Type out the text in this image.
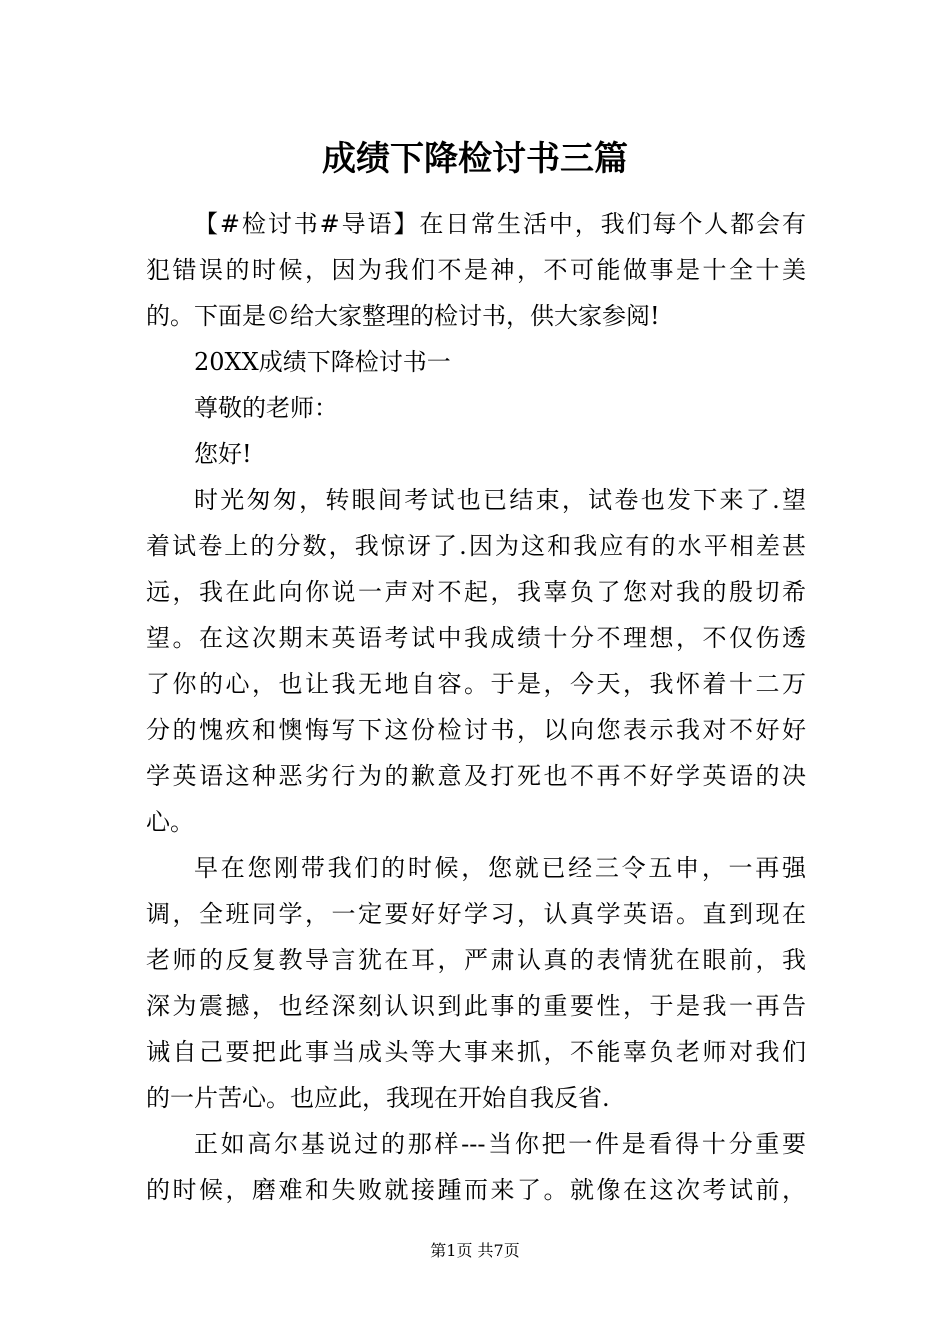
成绩下降检讨书三篇
【#检讨书#导语】在日常生活中，我们每个人都会有
犯错误的时候，因为我们不是神，不可能做事是十全十美
的。下面是©给大家整理的检讨书，供大家参阅!
20XX成绩下降检讨书一
尊敬的老师：
您好!
时光匆匆，转眼间考试也已结束，试卷也发下来了.望
着试卷上的分数，我惊讶了.因为这和我应有的水平相差甚
远，我在此向你说一声对不起，我辜负了您对我的殷切希
望。在这次期末英语考试中我成绩十分不理想，不仅伤透
了你的心，也让我无地自容。于是，今天，我怀着十二万
分的愧疚和懊悔写下这份检讨书，以向您表示我对不好好
学英语这种恶劣行为的歉意及打死也不再不好学英语的决
心。
早在您刚带我们的时候，您就已经三令五申，一再强
调，全班同学，一定要好好学习，认真学英语。直到现在
老师的反复教导言犹在耳，严肃认真的表情犹在眼前，我
深为震撼，也经深刻认识到此事的重要性，于是我一再告
诫自己要把此事当成头等大事来抓，不能辜负老师对我们
的一片苦心。也应此，我现在开始自我反省.
正如高尔基说过的那样---当你把一件是看得十分重要
的时候，磨难和失败就接踵而来了。就像在这次考试前，
第1页 共7页
